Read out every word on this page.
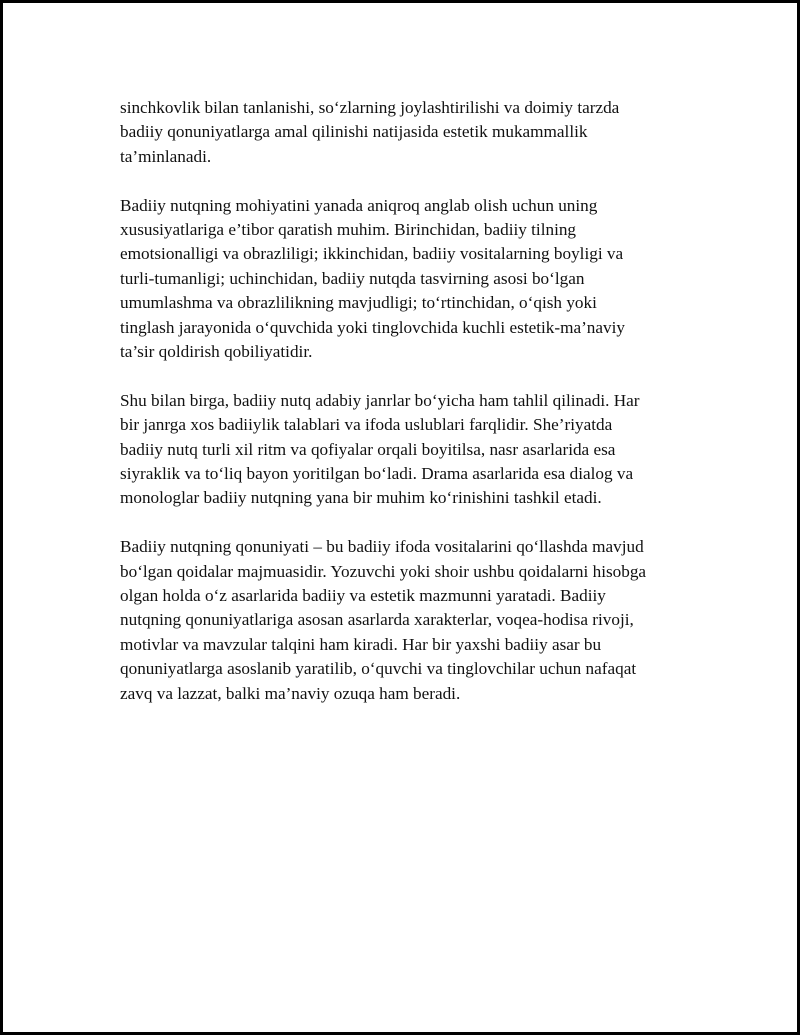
sinchkovlik bilan tanlanishi, so‘zlarning joylashtirilishi va doimiy tarzda
badiiy qonuniyatlarga amal qilinishi natijasida estetik mukammallik
ta’minlanadi.

Badiiy nutqning mohiyatini yanada aniqroq anglab olish uchun uning
xususiyatlariga e’tibor qaratish muhim. Birinchidan, badiiy tilning
emotsionalligi va obrazliligi; ikkinchidan, badiiy vositalarning boyligi va
turli-tumanligi; uchinchidan, badiiy nutqda tasvirning asosi bo‘lgan
umumlashma va obrazlilikning mavjudligi; to‘rtinchidan, o‘qish yoki
tinglash jarayonida o‘quvchida yoki tinglovchida kuchli estetik-ma’naviy
ta’sir qoldirish qobiliyatidir.

Shu bilan birga, badiiy nutq adabiy janrlar bo‘yicha ham tahlil qilinadi. Har
bir janrga xos badiiylik talablari va ifoda uslublari farqlidir. She’riyatda
badiiy nutq turli xil ritm va qofiyalar orqali boyitilsa, nasr asarlarida esa
siyraklik va to‘liq bayon yoritilgan bo‘ladi. Drama asarlarida esa dialog va
monologlar badiiy nutqning yana bir muhim ko‘rinishini tashkil etadi.

Badiiy nutqning qonuniyati – bu badiiy ifoda vositalarini qo‘llashda mavjud
bo‘lgan qoidalar majmuasidir. Yozuvchi yoki shoir ushbu qoidalarni hisobga
olgan holda o‘z asarlarida badiiy va estetik mazmunni yaratadi. Badiiy
nutqning qonuniyatlariga asosan asarlarda xarakterlar, voqea-hodisa rivoji,
motivlar va mavzular talqini ham kiradi. Har bir yaxshi badiiy asar bu
qonuniyatlarga asoslanib yaratilib, o‘quvchi va tinglovchilar uchun nafaqat
zavq va lazzat, balki ma’naviy ozuqa ham beradi.
